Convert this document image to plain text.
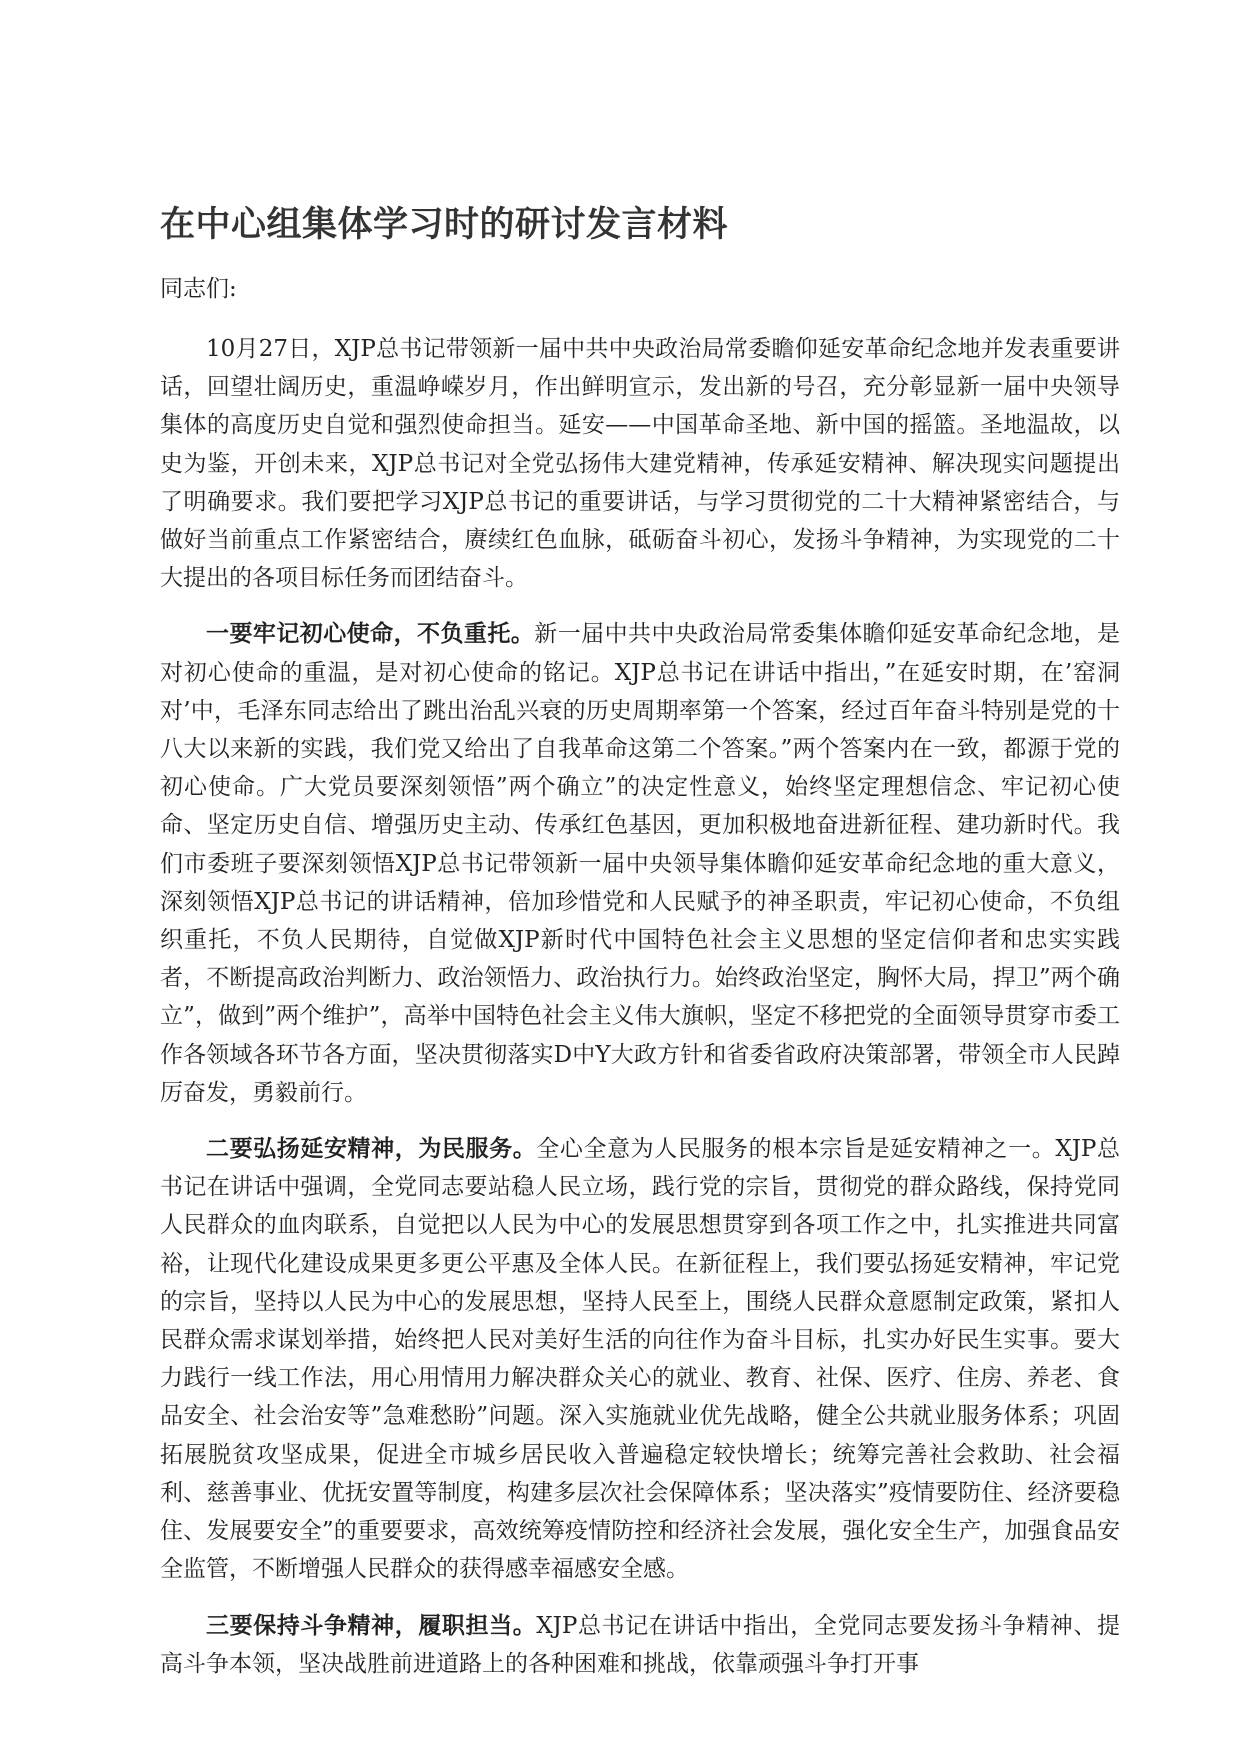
在中心组集体学习时的研讨发言材料

同志们:

10月27日，XJP总书记带领新一届中共中央政治局常委瞻仰延安革命纪念地并发表重要讲话，回望壮阔历史，重温峥嵘岁月，作出鲜明宣示，发出新的号召，充分彰显新一届中央领导集体的高度历史自觉和强烈使命担当。延安——中国革命圣地、新中国的摇篮。圣地温故，以史为鉴，开创未来，XJP总书记对全党弘扬伟大建党精神，传承延安精神、解决现实问题提出了明确要求。我们要把学习XJP总书记的重要讲话，与学习贯彻党的二十大精神紧密结合，与做好当前重点工作紧密结合，赓续红色血脉，砥砺奋斗初心，发扬斗争精神，为实现党的二十大提出的各项目标任务而团结奋斗。

一要牢记初心使命，不负重托。新一届中共中央政治局常委集体瞻仰延安革命纪念地，是对初心使命的重温，是对初心使命的铭记。XJP总书记在讲话中指出，”在延安时期，在’窑洞对’中，毛泽东同志给出了跳出治乱兴衰的历史周期率第一个答案，经过百年奋斗特别是党的十八大以来新的实践，我们党又给出了自我革命这第二个答案。”两个答案内在一致，都源于党的初心使命。广大党员要深刻领悟”两个确立”的决定性意义，始终坚定理想信念、牢记初心使命、坚定历史自信、增强历史主动、传承红色基因，更加积极地奋进新征程、建功新时代。我们市委班子要深刻领悟XJP总书记带领新一届中央领导集体瞻仰延安革命纪念地的重大意义，深刻领悟XJP总书记的讲话精神，倍加珍惜党和人民赋予的神圣职责，牢记初心使命，不负组织重托，不负人民期待，自觉做XJP新时代中国特色社会主义思想的坚定信仰者和忠实实践者，不断提高政治判断力、政治领悟力、政治执行力。始终政治坚定，胸怀大局，捍卫”两个确立”，做到”两个维护”，高举中国特色社会主义伟大旗帜，坚定不移把党的全面领导贯穿市委工作各领域各环节各方面，坚决贯彻落实D中Y大政方针和省委省政府决策部署，带领全市人民踔厉奋发，勇毅前行。

二要弘扬延安精神，为民服务。全心全意为人民服务的根本宗旨是延安精神之一。XJP总书记在讲话中强调，全党同志要站稳人民立场，践行党的宗旨，贯彻党的群众路线，保持党同人民群众的血肉联系，自觉把以人民为中心的发展思想贯穿到各项工作之中，扎实推进共同富裕，让现代化建设成果更多更公平惠及全体人民。在新征程上，我们要弘扬延安精神，牢记党的宗旨，坚持以人民为中心的发展思想，坚持人民至上，围绕人民群众意愿制定政策，紧扣人民群众需求谋划举措，始终把人民对美好生活的向往作为奋斗目标，扎实办好民生实事。要大力践行一线工作法，用心用情用力解决群众关心的就业、教育、社保、医疗、住房、养老、食品安全、社会治安等”急难愁盼”问题。深入实施就业优先战略，健全公共就业服务体系；巩固拓展脱贫攻坚成果，促进全市城乡居民收入普遍稳定较快增长；统筹完善社会救助、社会福利、慈善事业、优抚安置等制度，构建多层次社会保障体系；坚决落实”疫情要防住、经济要稳住、发展要安全”的重要要求，高效统筹疫情防控和经济社会发展，强化安全生产，加强食品安全监管，不断增强人民群众的获得感幸福感安全感。

三要保持斗争精神，履职担当。XJP总书记在讲话中指出，全党同志要发扬斗争精神、提高斗争本领，坚决战胜前进道路上的各种困难和挑战，依靠顽强斗争打开事
